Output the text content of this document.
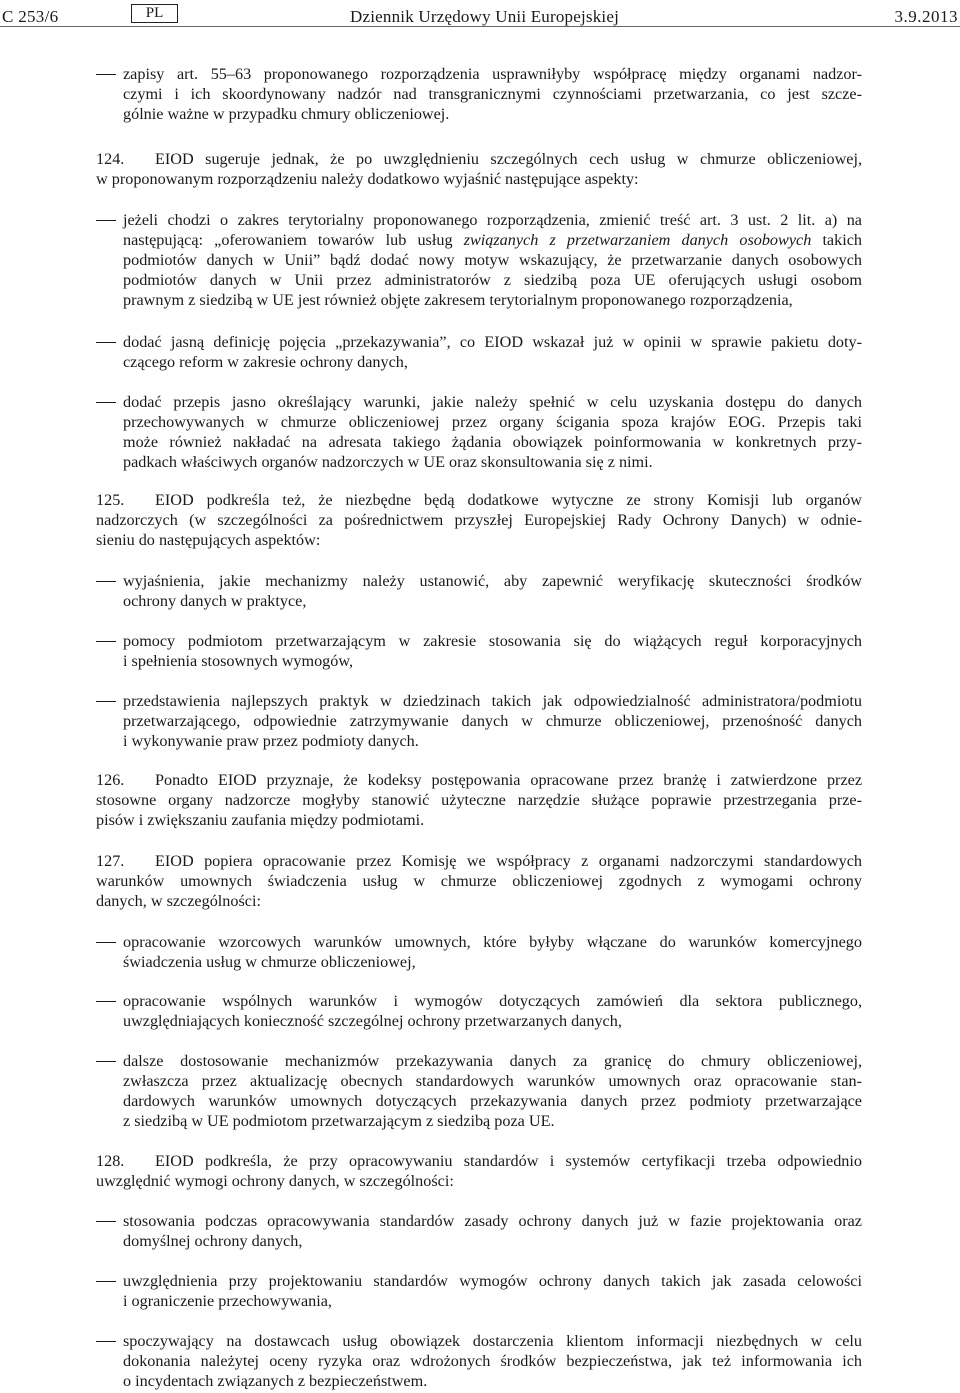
C 253/6	PL	Dziennik Urzędowy Unii Europejskiej	3.9.2013
zapisy art. 55–63 proponowanego rozporządzenia usprawniłyby współpracę między organami nadzor-
czymi i ich skoordynowany nadzór nad transgranicznymi czynnościami przetwarzania, co jest szcze-
gólnie ważne w przypadku chmury obliczeniowej.
124. EIOD sugeruje jednak, że po uwzględnieniu szczególnych cech usług w chmurze obliczeniowej,
w proponowanym rozporządzeniu należy dodatkowo wyjaśnić następujące aspekty:
jeżeli chodzi o zakres terytorialny proponowanego rozporządzenia, zmienić treść art. 3 ust. 2 lit. a) na
następującą: „oferowaniem towarów lub usług związanych z przetwarzaniem danych osobowych takich
podmiotów danych w Unii” bądź dodać nowy motyw wskazujący, że przetwarzanie danych osobowych
podmiotów danych w Unii przez administratorów z siedzibą poza UE oferujących usługi osobom
prawnym z siedzibą w UE jest również objęte zakresem terytorialnym proponowanego rozporządzenia,
dodać jasną definicję pojęcia „przekazywania”, co EIOD wskazał już w opinii w sprawie pakietu doty-
czącego reform w zakresie ochrony danych,
dodać przepis jasno określający warunki, jakie należy spełnić w celu uzyskania dostępu do danych
przechowywanych w chmurze obliczeniowej przez organy ścigania spoza krajów EOG. Przepis taki
może również nakładać na adresata takiego żądania obowiązek poinformowania w konkretnych przy-
padkach właściwych organów nadzorczych w UE oraz skonsultowania się z nimi.
125. EIOD podkreśla też, że niezbędne będą dodatkowe wytyczne ze strony Komisji lub organów
nadzorczych (w szczególności za pośrednictwem przyszłej Europejskiej Rady Ochrony Danych) w odnie-
sieniu do następujących aspektów:
wyjaśnienia, jakie mechanizmy należy ustanowić, aby zapewnić weryfikację skuteczności środków
ochrony danych w praktyce,
pomocy podmiotom przetwarzającym w zakresie stosowania się do wiążących reguł korporacyjnych
i spełnienia stosownych wymogów,
przedstawienia najlepszych praktyk w dziedzinach takich jak odpowiedzialność administratora/podmiotu
przetwarzającego, odpowiednie zatrzymywanie danych w chmurze obliczeniowej, przenośność danych
i wykonywanie praw przez podmioty danych.
126. Ponadto EIOD przyznaje, że kodeksy postępowania opracowane przez branżę i zatwierdzone przez
stosowne organy nadzorcze mogłyby stanowić użyteczne narzędzie służące poprawie przestrzegania prze-
pisów i zwiększaniu zaufania między podmiotami.
127. EIOD popiera opracowanie przez Komisję we współpracy z organami nadzorczymi standardowych
warunków umownych świadczenia usług w chmurze obliczeniowej zgodnych z wymogami ochrony
danych, w szczególności:
opracowanie wzorcowych warunków umownych, które byłyby włączane do warunków komercyjnego
świadczenia usług w chmurze obliczeniowej,
opracowanie wspólnych warunków i wymogów dotyczących zamówień dla sektora publicznego,
uwzględniających konieczność szczególnej ochrony przetwarzanych danych,
dalsze dostosowanie mechanizmów przekazywania danych za granicę do chmury obliczeniowej,
zwłaszcza przez aktualizację obecnych standardowych warunków umownych oraz opracowanie stan-
dardowych warunków umownych dotyczących przekazywania danych przez podmioty przetwarzające
z siedzibą w UE podmiotom przetwarzającym z siedzibą poza UE.
128. EIOD podkreśla, że przy opracowywaniu standardów i systemów certyfikacji trzeba odpowiednio
uwzględnić wymogi ochrony danych, w szczególności:
stosowania podczas opracowywania standardów zasady ochrony danych już w fazie projektowania oraz
domyślnej ochrony danych,
uwzględnienia przy projektowaniu standardów wymogów ochrony danych takich jak zasada celowości
i ograniczenie przechowywania,
spoczywający na dostawcach usług obowiązek dostarczenia klientom informacji niezbędnych w celu
dokonania należytej oceny ryzyka oraz wdrożonych środków bezpieczeństwa, jak też informowania ich
o incydentach związanych z bezpieczeństwem.
